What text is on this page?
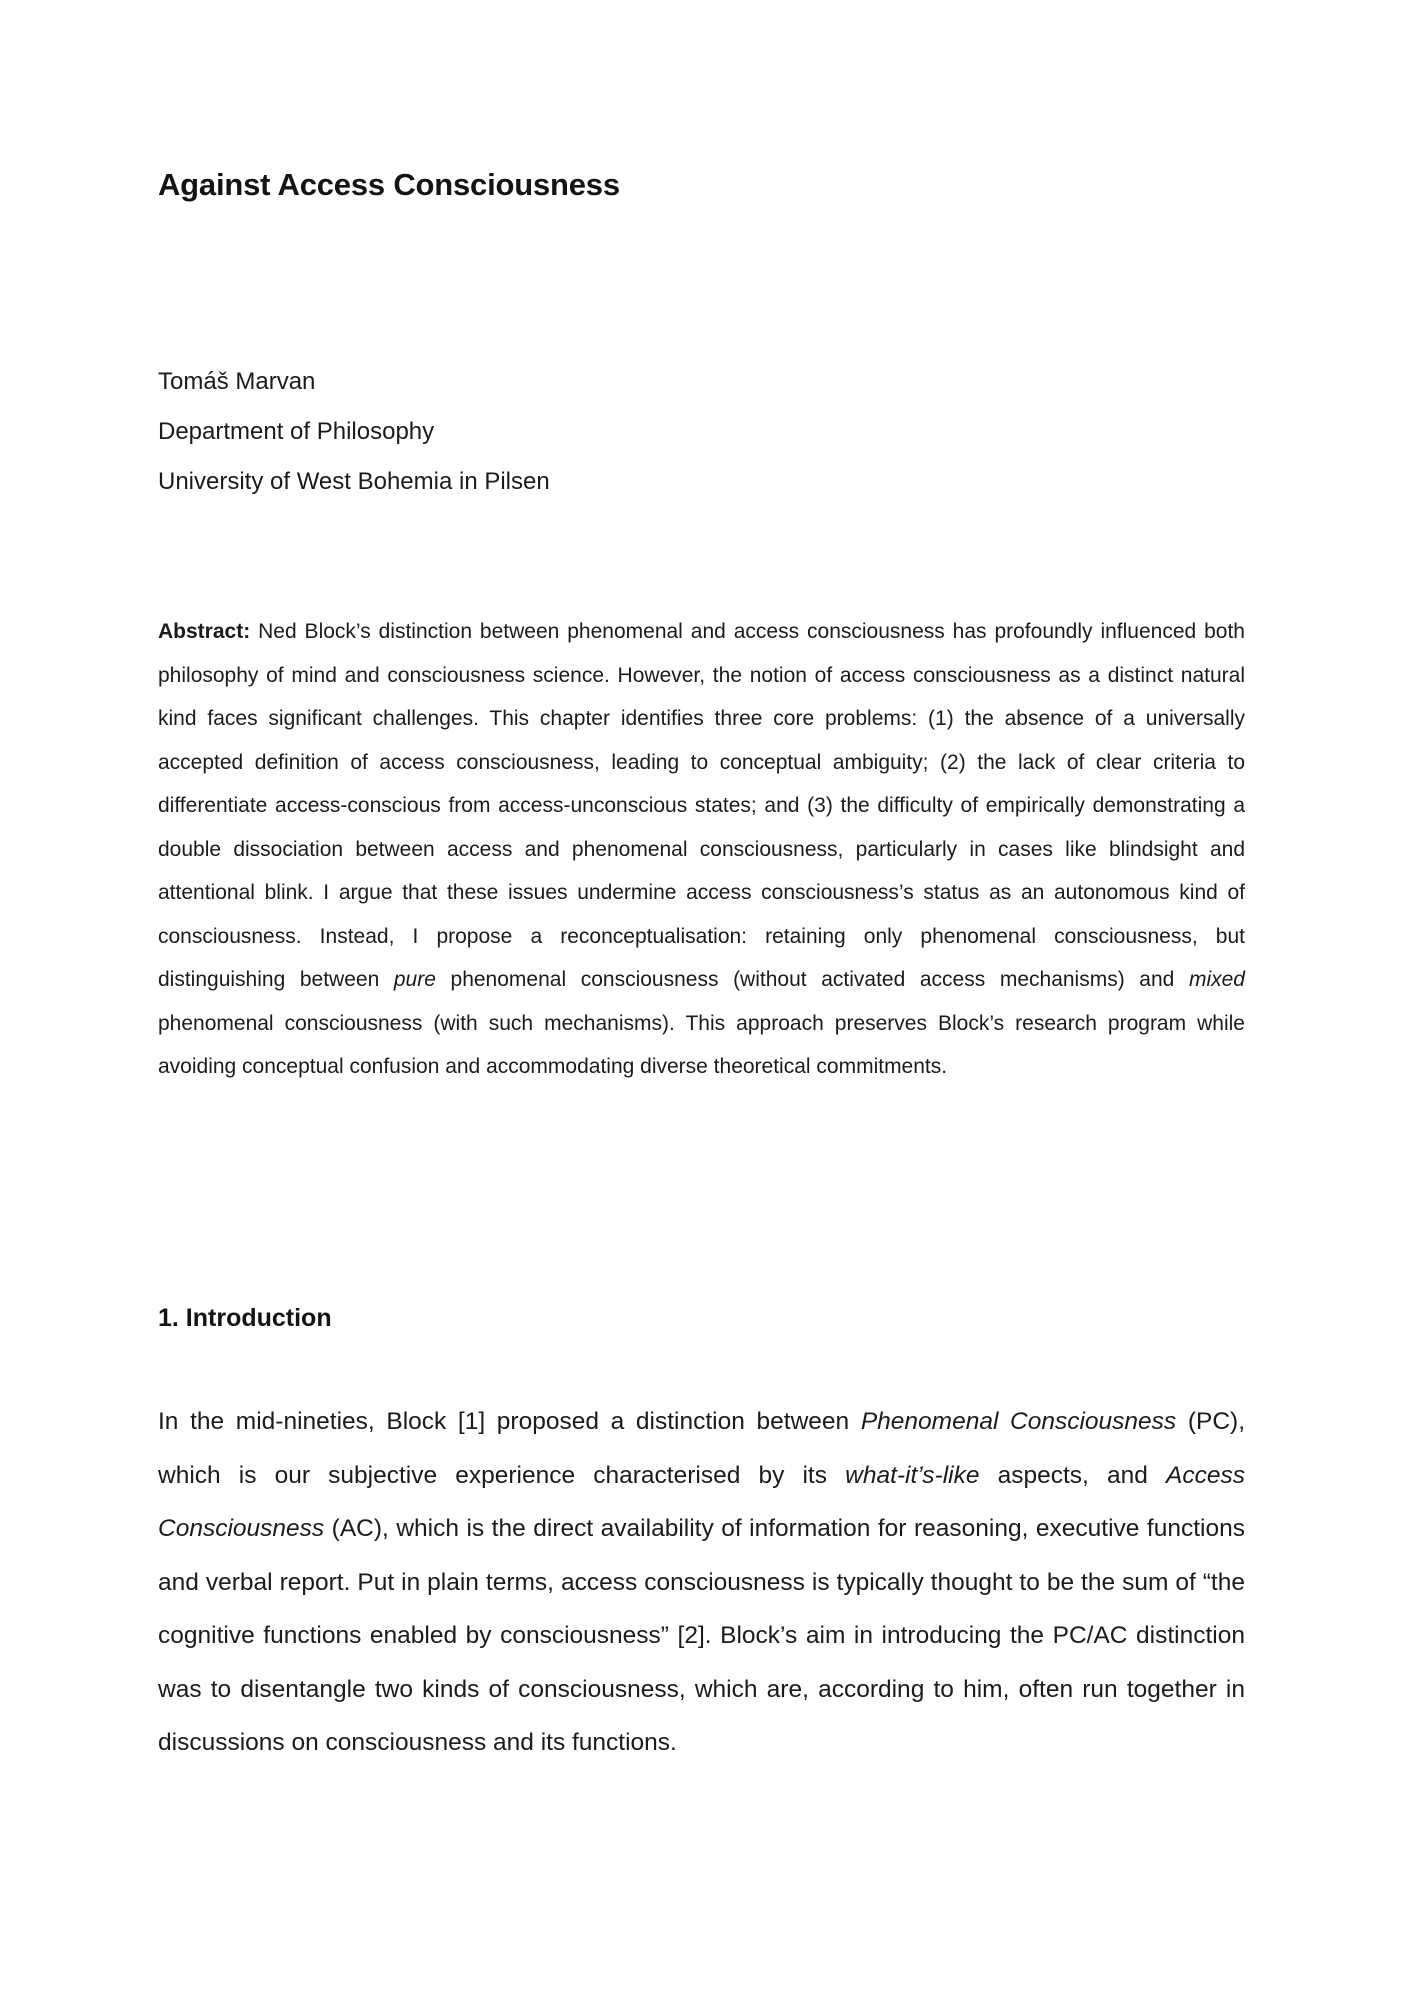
Against Access Consciousness

Tomáš Marvan

Department of Philosophy

University of West Bohemia in Pilsen

Abstract: Ned Block’s distinction between phenomenal and access consciousness has profoundly influenced both philosophy of mind and consciousness science. However, the notion of access consciousness as a distinct natural kind faces significant challenges. This chapter identifies three core problems: (1) the absence of a universally accepted definition of access consciousness, leading to conceptual ambiguity; (2) the lack of clear criteria to differentiate access-conscious from access-unconscious states; and (3) the difficulty of empirically demonstrating a double dissociation between access and phenomenal consciousness, particularly in cases like blindsight and attentional blink. I argue that these issues undermine access consciousness’s status as an autonomous kind of consciousness. Instead, I propose a reconceptualisation: retaining only phenomenal consciousness, but distinguishing between pure phenomenal consciousness (without activated access mechanisms) and mixed phenomenal consciousness (with such mechanisms). This approach preserves Block’s research program while avoiding conceptual confusion and accommodating diverse theoretical commitments.

1. Introduction

In the mid-nineties, Block [1] proposed a distinction between Phenomenal Consciousness (PC), which is our subjective experience characterised by its what-it’s-like aspects, and Access Consciousness (AC), which is the direct availability of information for reasoning, executive functions and verbal report. Put in plain terms, access consciousness is typically thought to be the sum of “the cognitive functions enabled by consciousness” [2]. Block’s aim in introducing the PC/AC distinction was to disentangle two kinds of consciousness, which are, according to him, often run together in discussions on consciousness and its functions.
